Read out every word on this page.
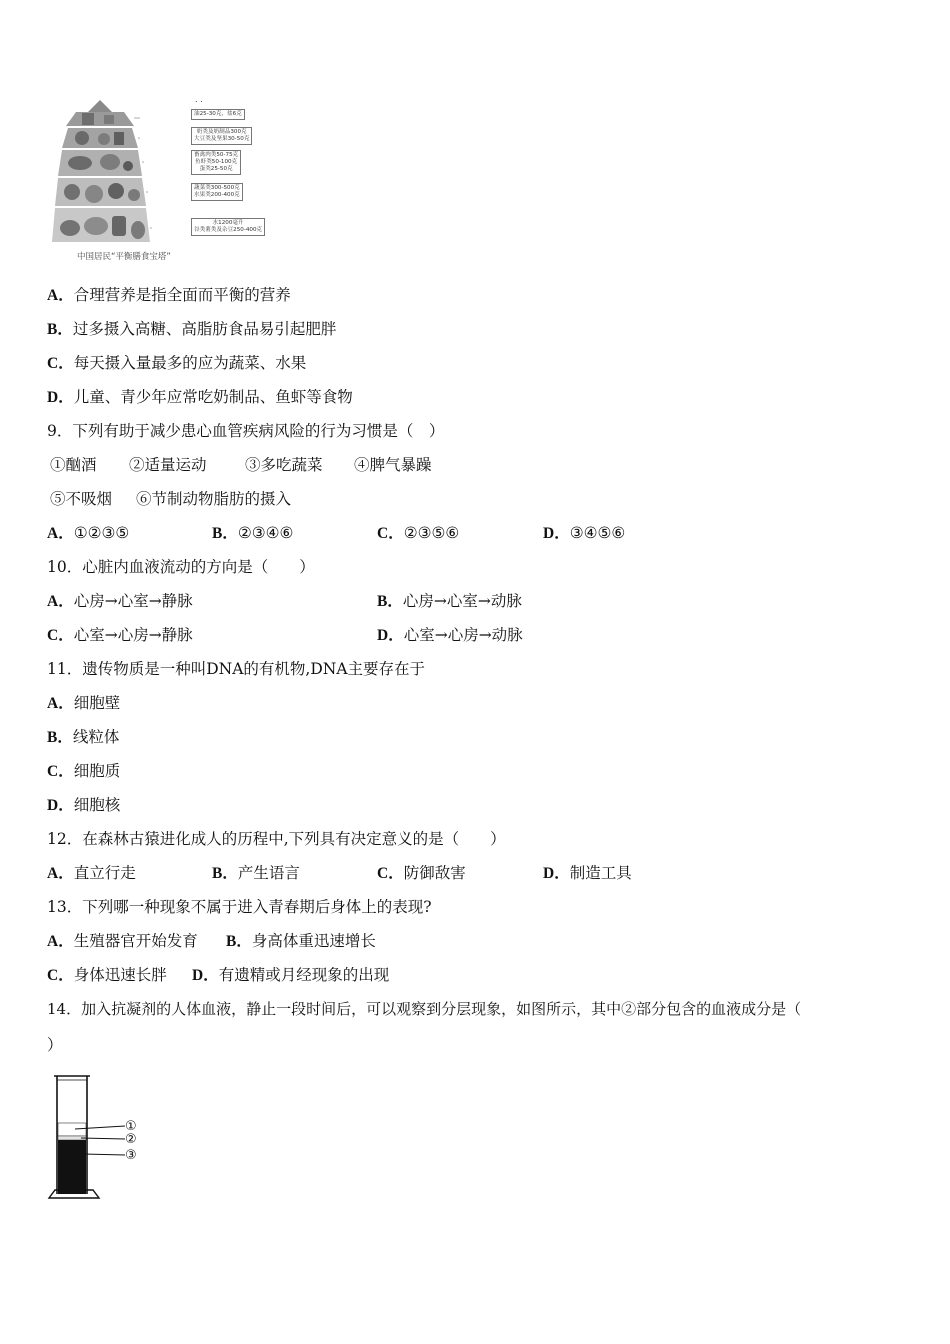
. .
油25-30克，盐6克
奶类及奶制品300克
大豆类及坚果30-50克
畜禽肉类50-75克
鱼虾类50-100克
蛋类25-50克
蔬菜类300-500克
水果类200-400克
水1200毫升
谷类薯类及杂豆250-400克
中国居民“平衡膳食宝塔”
A．合理营养是指全面而平衡的营养
B．过多摄入高糖、高脂肪食品易引起肥胖
C．每天摄入量最多的应为蔬菜、水果
D．儿童、青少年应常吃奶制品、鱼虾等食物
9．下列有助于减少患心血管疾病风险的行为习惯是（　）
①酗酒 ②适量运动 ③多吃蔬菜 ④脾气暴躁
⑤不吸烟 ⑥节制动物脂肪的摄入
A．①②③⑤	B．②③④⑥	C．②③⑤⑥	D．③④⑤⑥
10．心脏内血液流动的方向是（　　）
A．心房→心室→静脉	B．心房→心室→动脉
C．心室→心房→静脉	D．心室→心房→动脉
11．遗传物质是一种叫DNA的有机物,DNA主要存在于
A．细胞壁
B．线粒体
C．细胞质
D．细胞核
12．在森林古猿进化成人的历程中,下列具有决定意义的是（　　）
A．直立行走	B．产生语言	C．防御敌害	D．制造工具
13．下列哪一种现象不属于进入青春期后身体上的表现?
A．生殖器官开始发育 B．身高体重迅速增长
C．身体迅速长胖 D．有遗精或月经现象的出现
14．加入抗凝剂的人体血液，静止一段时间后，可以观察到分层现象，如图所示，其中②部分包含的血液成分是（
）
①
②
③
